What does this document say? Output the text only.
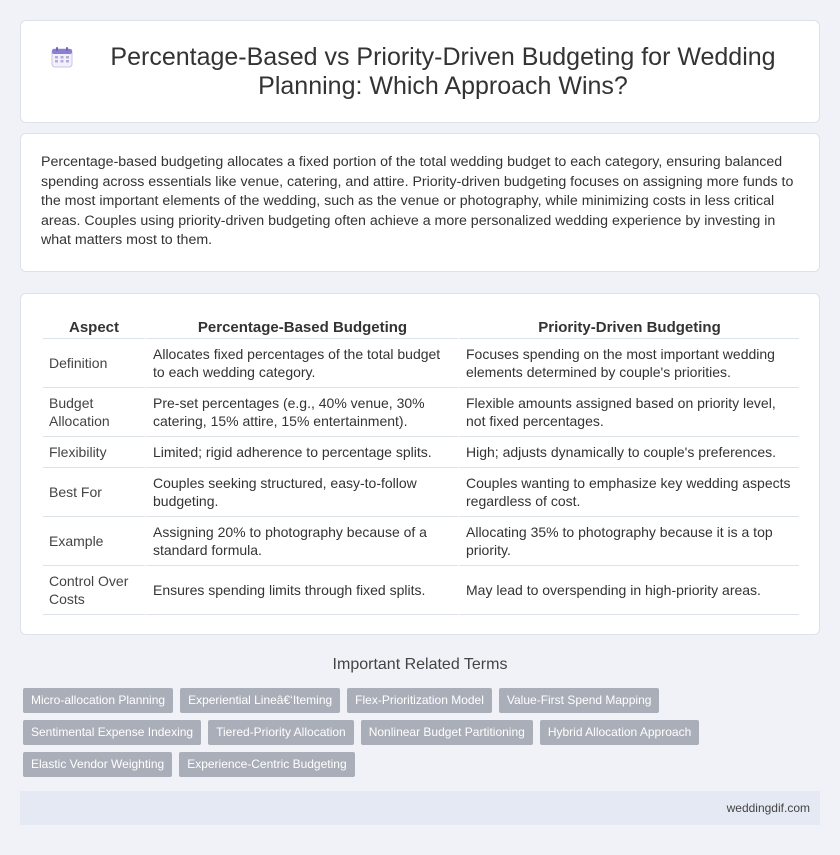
Percentage-Based vs Priority-Driven Budgeting for Wedding Planning: Which Approach Wins?

Percentage-based budgeting allocates a fixed portion of the total wedding budget to each category, ensuring balanced spending across essentials like venue, catering, and attire. Priority-driven budgeting focuses on assigning more funds to the most important elements of the wedding, such as the venue or photography, while minimizing costs in less critical areas. Couples using priority-driven budgeting often achieve a more personalized wedding experience by investing in what matters most to them.

Aspect	Percentage-Based Budgeting	Priority-Driven Budgeting
Definition	Allocates fixed percentages of the total budget to each wedding category.	Focuses spending on the most important wedding elements determined by couple's priorities.
Budget Allocation	Pre-set percentages (e.g., 40% venue, 30% catering, 15% attire, 15% entertainment).	Flexible amounts assigned based on priority level, not fixed percentages.
Flexibility	Limited; rigid adherence to percentage splits.	High; adjusts dynamically to couple's preferences.
Best For	Couples seeking structured, easy-to-follow budgeting.	Couples wanting to emphasize key wedding aspects regardless of cost.
Example	Assigning 20% to photography because of a standard formula.	Allocating 35% to photography because it is a top priority.
Control Over Costs	Ensures spending limits through fixed splits.	May lead to overspending in high-priority areas.
Important Related Terms
Micro-allocation Planning	Experiential Lineâ€‘Iteming	Flex-Prioritization Model	Value-First Spend Mapping
Sentimental Expense Indexing	Tiered-Priority Allocation	Nonlinear Budget Partitioning	Hybrid Allocation Approach
Elastic Vendor Weighting	Experience-Centric Budgeting
weddingdif.com
